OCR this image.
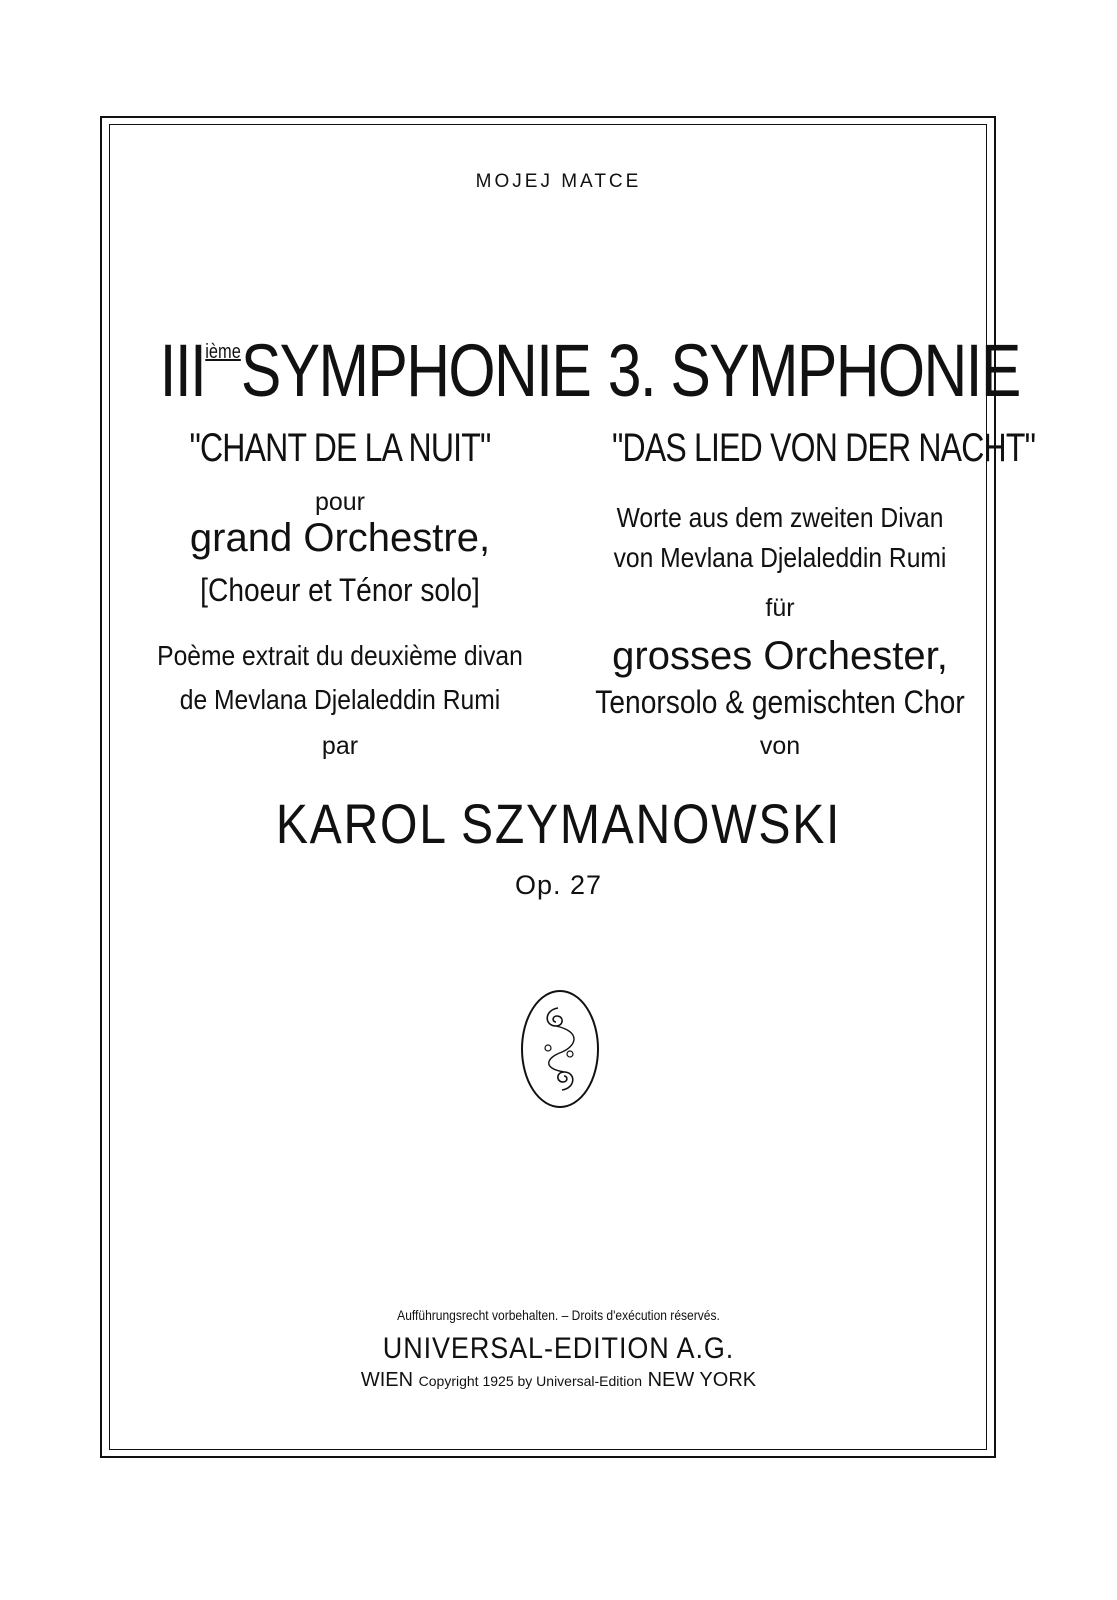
MOJEJ MATCE
IIIièmeSYMPHONIE
"CHANT DE LA NUIT"
pour
grand Orchestre,
[Choeur et Ténor solo]
Poème extrait du deuxième divan
de Mevlana Djelaleddin Rumi
par
3. SYMPHONIE
"DAS LIED VON DER NACHT"
Worte aus dem zweiten Divan
von Mevlana Djelaleddin Rumi
für
grosses Orchester,
Tenorsolo & gemischten Chor
von
KAROL SZYMANOWSKI
Op. 27
Aufführungsrecht vorbehalten. – Droits d'exécution réservés.
UNIVERSAL-EDITION A.G.
WIEN Copyright 1925 by Universal-Edition NEW YORK
